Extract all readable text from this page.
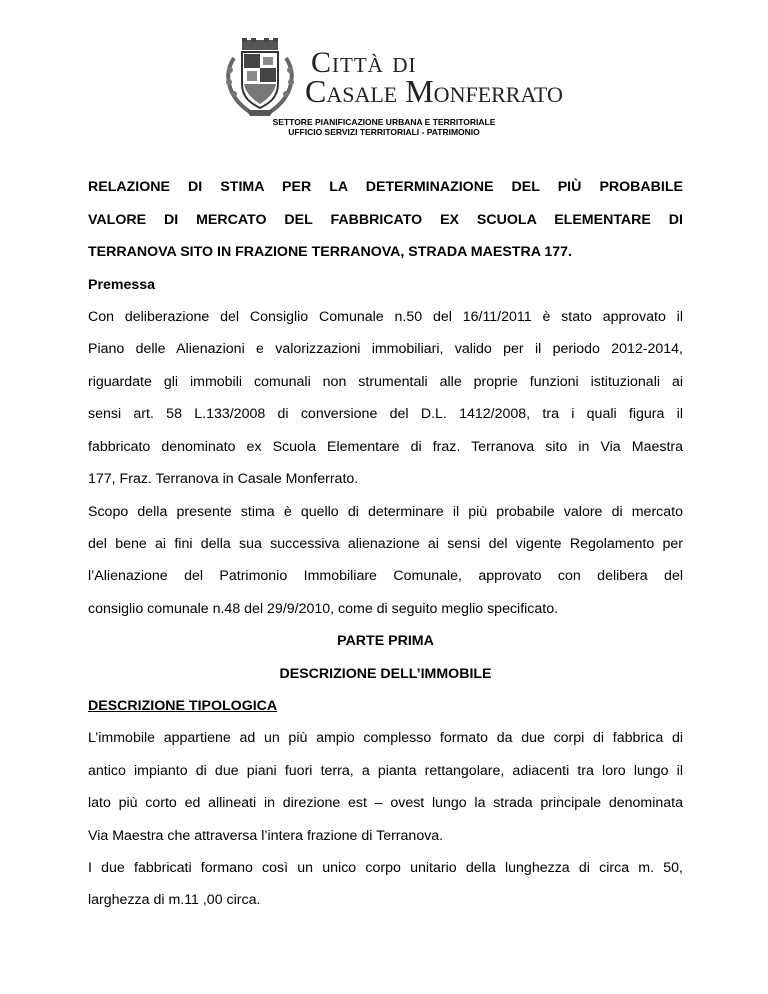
Città di
Casale Monferrato
SETTORE PIANIFICAZIONE URBANA E TERRITORIALE
UFFICIO SERVIZI TERRITORIALI - PATRIMONIO
RELAZIONE DI STIMA PER LA DETERMINAZIONE DEL PIÙ PROBABILE
VALORE DI MERCATO DEL FABBRICATO EX SCUOLA ELEMENTARE DI
TERRANOVA SITO IN FRAZIONE TERRANOVA, STRADA MAESTRA 177.
Premessa
Con deliberazione del Consiglio Comunale n.50 del 16/11/2011 è stato approvato il
Piano delle Alienazioni e valorizzazioni immobiliari, valido per il periodo 2012-2014,
riguardate gli immobili comunali non strumentali alle proprie funzioni istituzionali ai
sensi art. 58 L.133/2008 di conversione del D.L. 1412/2008, tra i quali figura il
fabbricato denominato ex Scuola Elementare di fraz. Terranova sito in Via Maestra
177, Fraz. Terranova in Casale Monferrato.
Scopo della presente stima è quello di determinare il più probabile valore di mercato
del bene ai fini della sua successiva alienazione ai sensi del vigente Regolamento per
l’Alienazione del Patrimonio Immobiliare Comunale, approvato con delibera del
consiglio comunale n.48 del 29/9/2010, come di seguito meglio specificato.
PARTE PRIMA
DESCRIZIONE DELL’IMMOBILE
DESCRIZIONE TIPOLOGICA
L’immobile appartiene ad un più ampio complesso formato da due corpi di fabbrica di
antico impianto di due piani fuori terra, a pianta rettangolare, adiacenti tra loro lungo il
lato più corto ed allineati in direzione est – ovest lungo la strada principale denominata
Via Maestra che attraversa l’intera frazione di Terranova.
I due fabbricati formano così un unico corpo unitario della lunghezza di circa m. 50,
larghezza di m.11 ,00 circa.
